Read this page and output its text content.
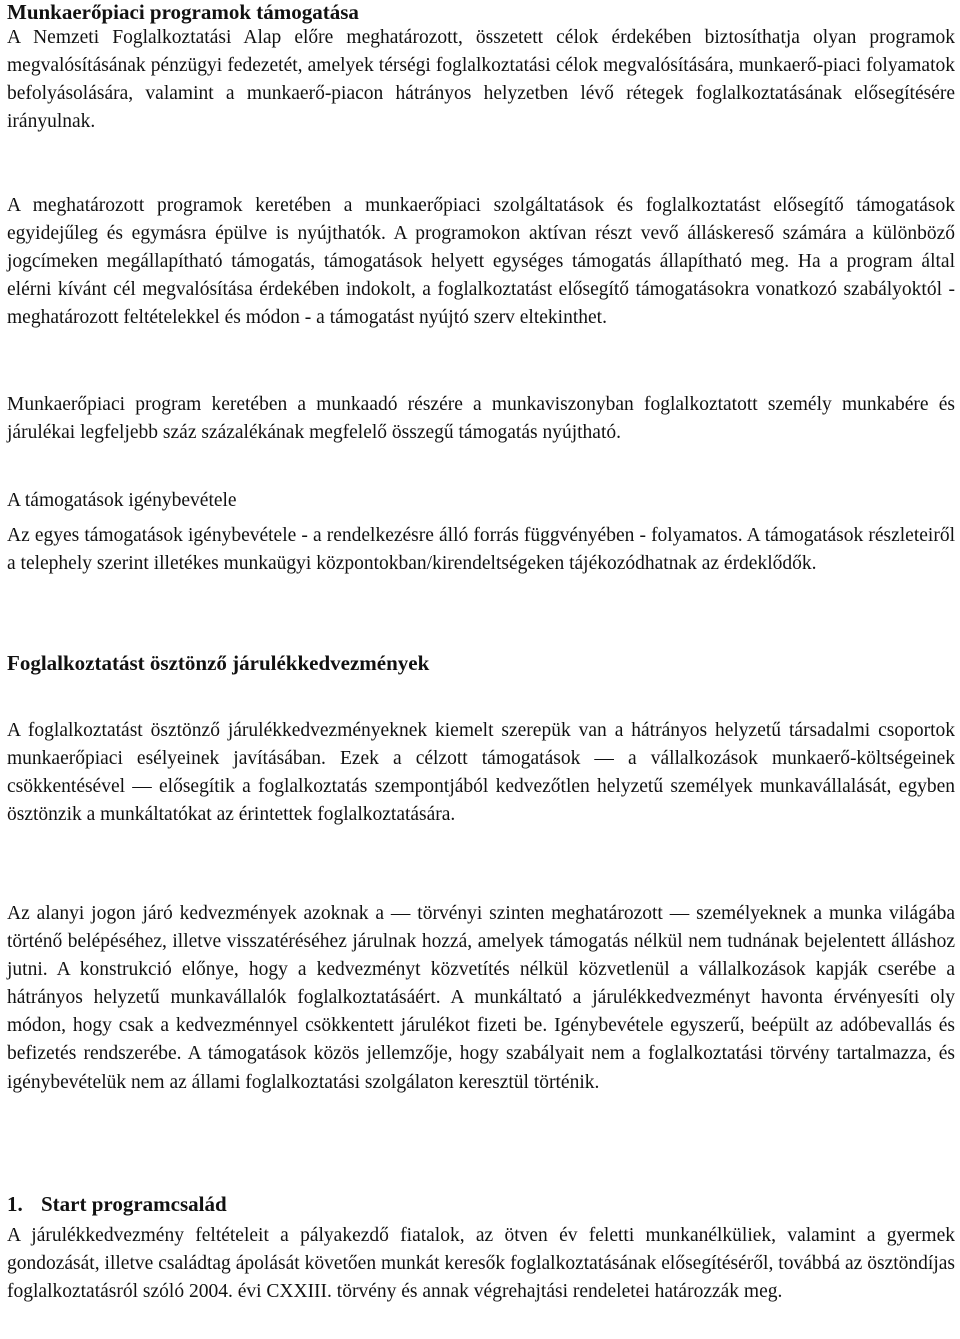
Munkaerőpiaci programok támogatása

A Nemzeti Foglalkoztatási Alap előre meghatározott, összetett célok érdekében biztosíthatja olyan programok megvalósításának pénzügyi fedezetét, amelyek térségi foglalkoztatási célok megvalósítására, munkaerő-piaci folyamatok befolyásolására, valamint a munkaerő-piacon hátrányos helyzetben lévő rétegek foglalkoztatásának elősegítésére irányulnak.

A meghatározott programok keretében a munkaerőpiaci szolgáltatások és foglalkoztatást elősegítő támogatások egyidejűleg és egymásra épülve is nyújthatók. A programokon aktívan részt vevő álláskereső számára a különböző jogcímeken megállapítható támogatás, támogatások helyett egységes támogatás állapítható meg. Ha a program által elérni kívánt cél megvalósítása érdekében indokolt, a foglalkoztatást elősegítő támogatásokra vonatkozó szabályoktól - meghatározott feltételekkel és módon - a támogatást nyújtó szerv eltekinthet.

Munkaerőpiaci program keretében a munkaadó részére a munkaviszonyban foglalkoztatott személy munkabére és járulékai legfeljebb száz százalékának megfelelő összegű támogatás nyújtható.

A támogatások igénybevétele

Az egyes támogatások igénybevétele - a rendelkezésre álló forrás függvényében - folyamatos. A támogatások részleteiről a telephely szerint illetékes munkaügyi központokban/kirendeltségeken tájékozódhatnak az érdeklődők.

Foglalkoztatást ösztönző járulékkedvezmények

A foglalkoztatást ösztönző járulékkedvezményeknek kiemelt szerepük van a hátrányos helyzetű társadalmi csoportok munkaerőpiaci esélyeinek javításában. Ezek a célzott támogatások — a vállalkozások munkaerő-költségeinek csökkentésével — elősegítik a foglalkoztatás szempontjából kedvezőtlen helyzetű személyek munkavállalását, egyben ösztönzik a munkáltatókat az érintettek foglalkoztatására.

Az alanyi jogon járó kedvezmények azoknak a — törvényi szinten meghatározott — személyeknek a munka világába történő belépéséhez, illetve visszatéréséhez járulnak hozzá, amelyek támogatás nélkül nem tudnának bejelentett álláshoz jutni. A konstrukció előnye, hogy a kedvezményt közvetítés nélkül közvetlenül a vállalkozások kapják cserébe a hátrányos helyzetű munkavállalók foglalkoztatásáért. A munkáltató a járulékkedvezményt havonta érvényesíti oly módon, hogy csak a kedvezménnyel csökkentett járulékot fizeti be. Igénybevétele egyszerű, beépült az adóbevallás és befizetés rendszerébe. A támogatások közös jellemzője, hogy szabályait nem a foglalkoztatási törvény tartalmazza, és igénybevételük nem az állami foglalkoztatási szolgálaton keresztül történik.

1. Start programcsalád

A járulékkedvezmény feltételeit a pályakezdő fiatalok, az ötven év feletti munkanélküliek, valamint a gyermek gondozását, illetve családtag ápolását követően munkát keresők foglalkoztatásának elősegítéséről, továbbá az ösztöndíjas foglalkoztatásról szóló 2004. évi CXXIII. törvény és annak végrehajtási rendeletei határozzák meg.
